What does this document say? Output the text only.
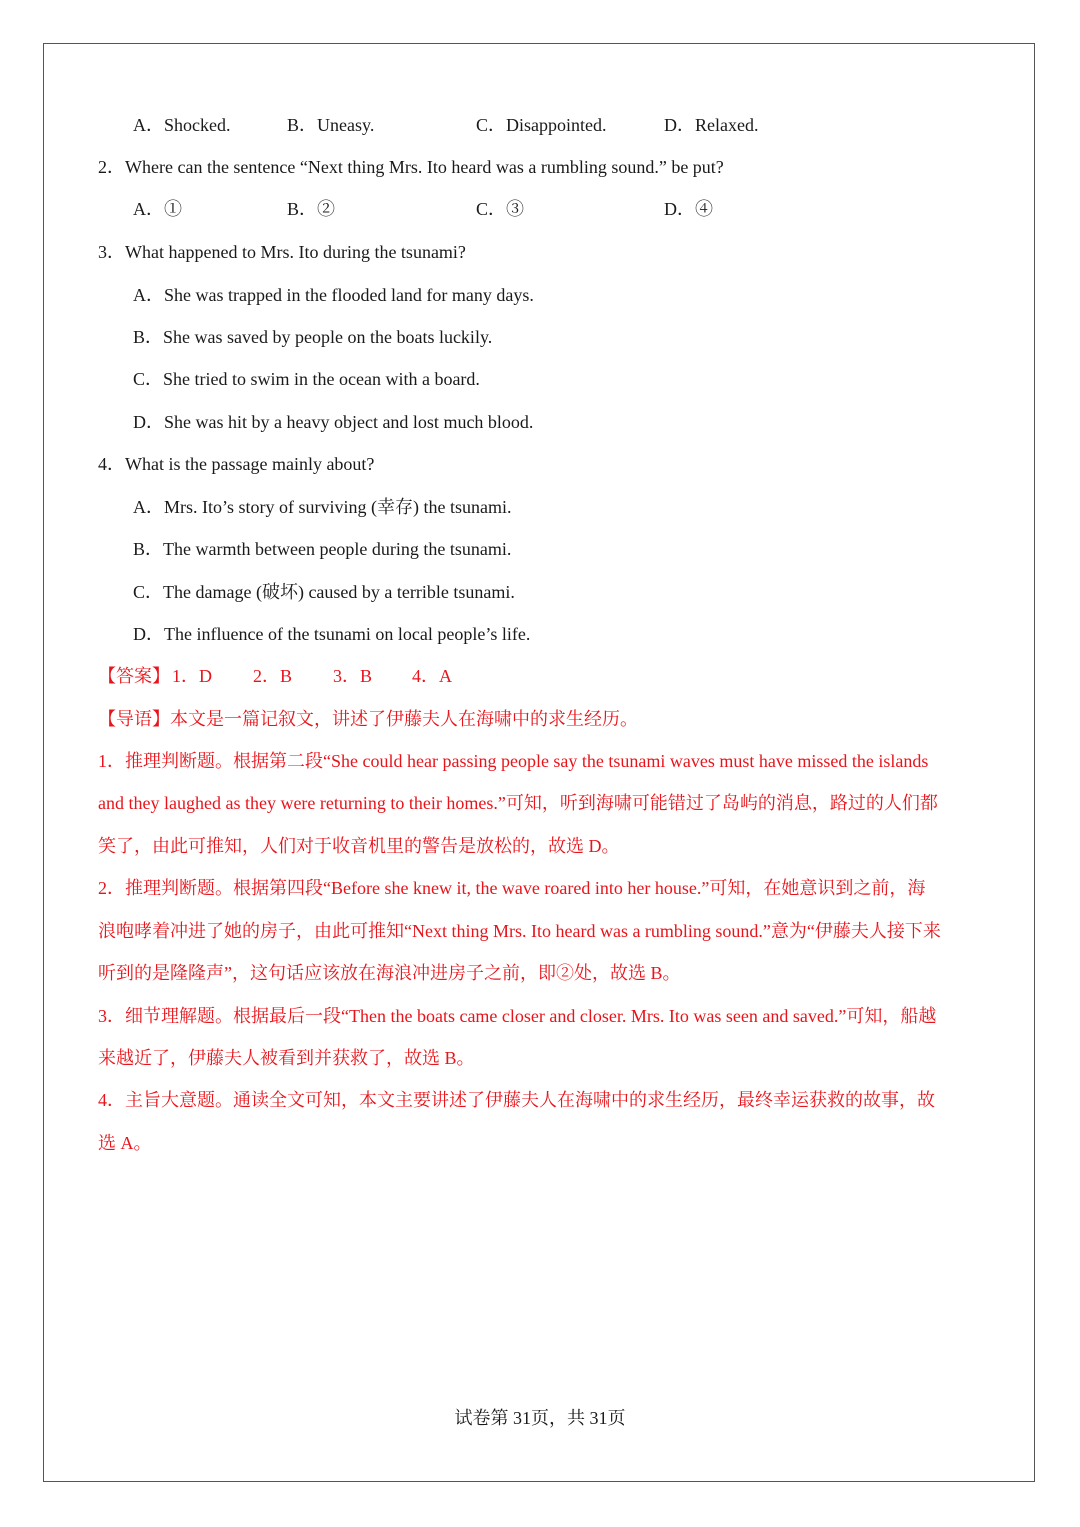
A．Shocked.	B．Uneasy.	C．Disappointed.	D．Relaxed.
2．Where can the sentence “Next thing Mrs. Ito heard was a rumbling sound.” be put?
A．①	B．②	C．③	D．④
3．What happened to Mrs. Ito during the tsunami?
A．She was trapped in the flooded land for many days.
B．She was saved by people on the boats luckily.
C．She tried to swim in the ocean with a board.
D．She was hit by a heavy object and lost much blood.
4．What is the passage mainly about?
A．Mrs. Ito’s story of surviving (幸存) the tsunami.
B．The warmth between people during the tsunami.
C．The damage (破坏) caused by a terrible tsunami.
D．The influence of the tsunami on local people’s life.
【答案】 1．D 2．B 3．B 4．A
【导语】本文是一篇记叙文，讲述了伊藤夫人在海啸中的求生经历。
1．推理判断题。根据第二段“She could hear passing people say the tsunami waves must have missed the islands
and they laughed as they were returning to their homes.”可知，听到海啸可能错过了岛屿的消息，路过的人们都
笑了，由此可推知，人们对于收音机里的警告是放松的，故选 D。
2．推理判断题。根据第四段“Before she knew it, the wave roared into her house.”可知，在她意识到之前，海
浪咆哮着冲进了她的房子，由此可推知“Next thing Mrs. Ito heard was a rumbling sound.”意为“伊藤夫人接下来
听到的是隆隆声”，这句话应该放在海浪冲进房子之前，即②处，故选 B。
3．细节理解题。根据最后一段“Then the boats came closer and closer. Mrs. Ito was seen and saved.”可知，船越
来越近了，伊藤夫人被看到并获救了，故选 B。
4．主旨大意题。通读全文可知，本文主要讲述了伊藤夫人在海啸中的求生经历，最终幸运获救的故事，故
选 A。
试卷第 31页，共 31页
